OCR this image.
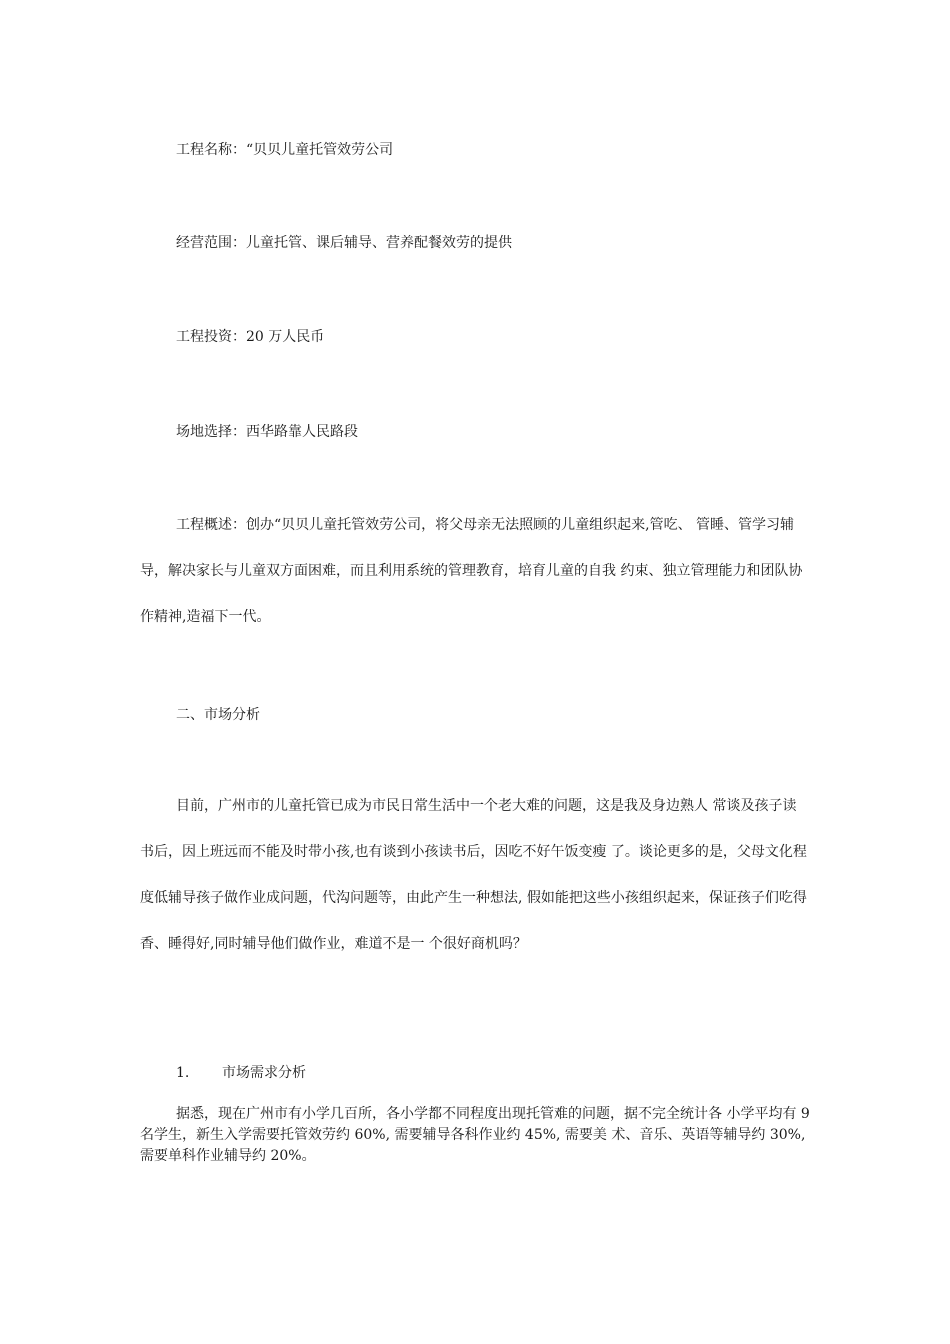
工程名称：“贝贝儿童托管效劳公司
经营范围：儿童托管、课后辅导、营养配餐效劳的提供
工程投资：20 万人民币
场地选择：西华路靠人民路段
工程概述：创办“贝贝儿童托管效劳公司，将父母亲无法照顾的儿童组织起来,管吃、 管睡、管学习辅导，解决家长与儿童双方面困难，而且利用系统的管理教育，培育儿童的自我 约束、独立管理能力和团队协作精神,造福下一代。
二、市场分析
目前，广州市的儿童托管已成为市民日常生活中一个老大难的问题，这是我及身边熟人 常谈及孩子读书后，因上班远而不能及时带小孩,也有谈到小孩读书后，因吃不好午饭变瘦 了。谈论更多的是，父母文化程度低辅导孩子做作业成问题，代沟问题等，由此产生一种想法, 假如能把这些小孩组织起来，保证孩子们吃得香、睡得好,同时辅导他们做作业，难道不是一 个很好商机吗？
1. 市场需求分析
据悉，现在广州市有小学几百所，各小学都不同程度出现托管难的问题，据不完全统计各 小学平均有 9 名学生，新生入学需要托管效劳约 60%, 需要辅导各科作业约 45%, 需要美 术、音乐、英语等辅导约 30%, 需要单科作业辅导约 20%。
